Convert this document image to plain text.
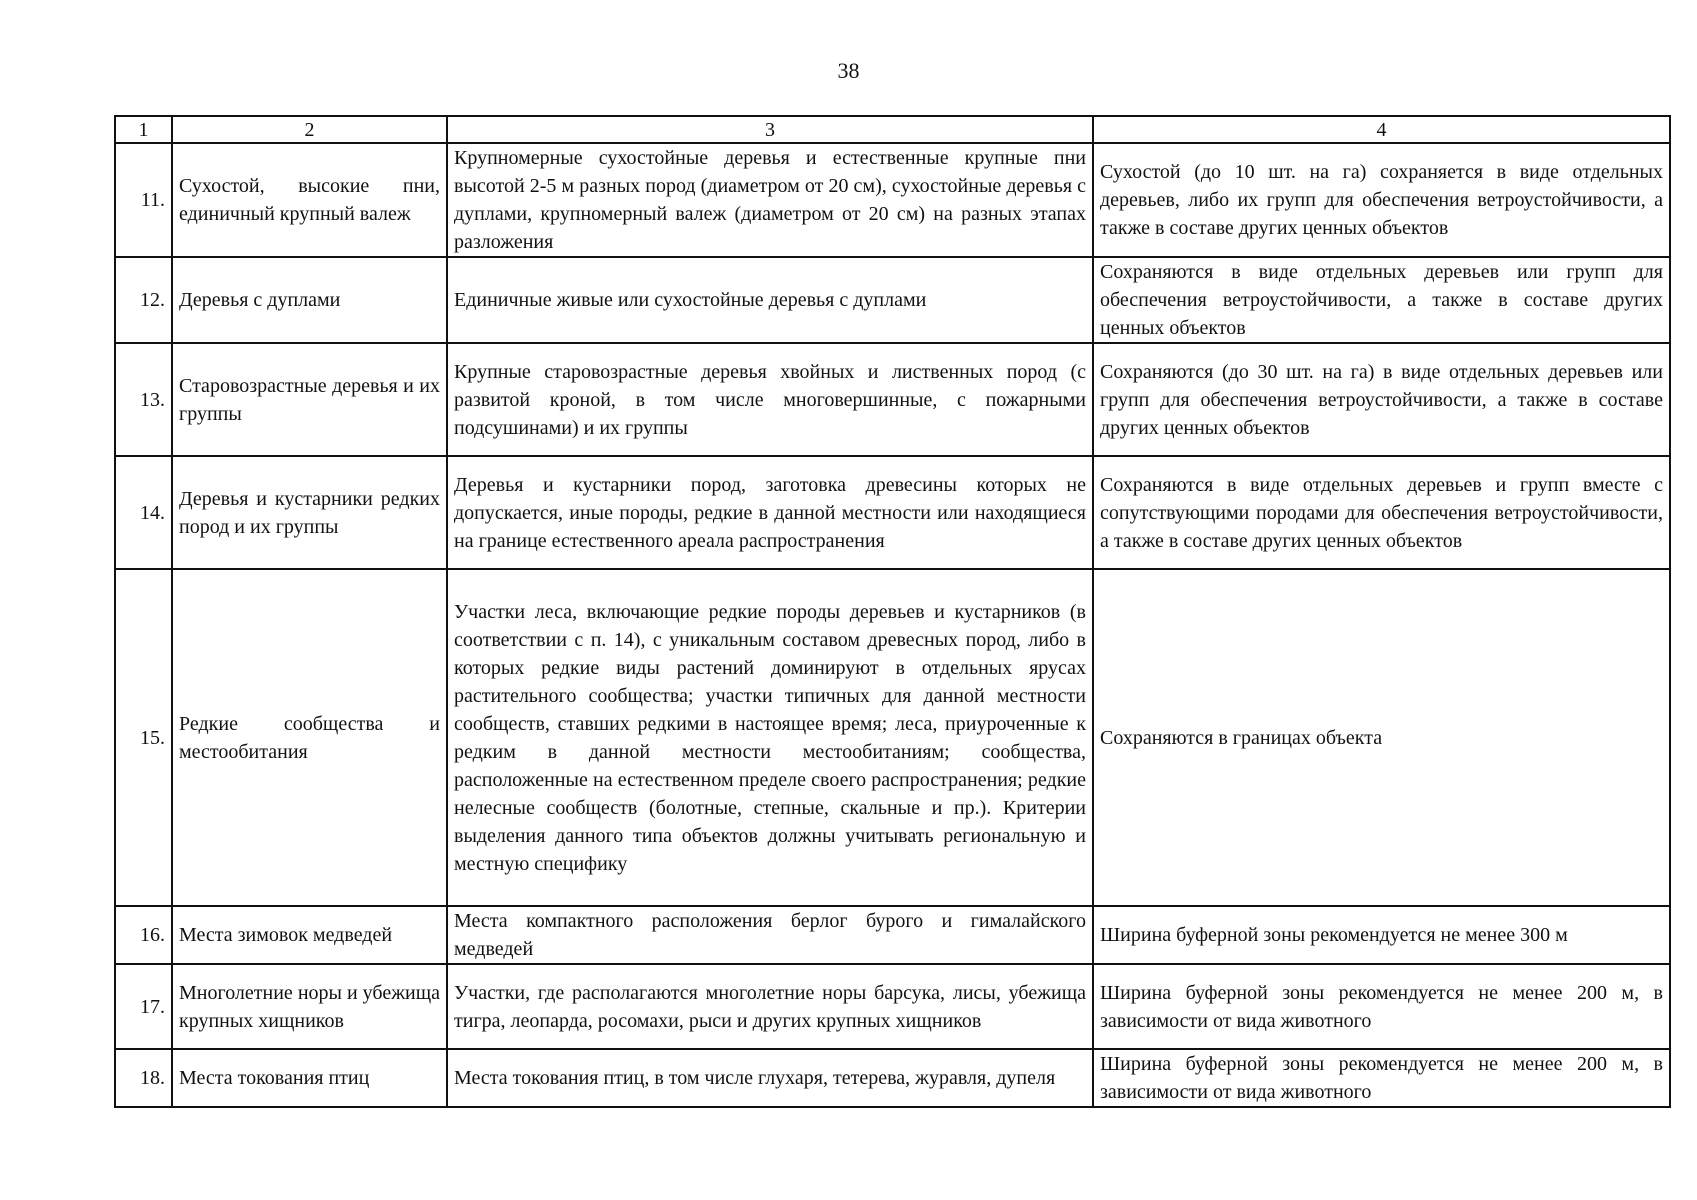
38
1	2	3	4
11.	Сухостой, высокие пни, единичный крупный валеж	Крупномерные сухостойные деревья и естественные крупные пни высотой 2-5 м разных пород (диаметром от 20 см), сухостойные деревья с дуплами, крупномерный валеж (диаметром от 20 см) на разных этапах разложения	Сухостой (до 10 шт. на га) сохраняется в виде отдельных деревьев, либо их групп для обеспечения ветроустойчивости, а также в составе других ценных объектов
12.	Деревья с дуплами	Единичные живые или сухостойные деревья с дуплами	Сохраняются в виде отдельных деревьев или групп для обеспечения ветроустойчивости, а также в составе других ценных объектов
13.	Старовозрастные деревья и их группы	Крупные старовозрастные деревья хвойных и лиственных пород (с развитой кроной, в том числе многовершинные, с пожарными подсушинами) и их группы	Сохраняются (до 30 шт. на га) в виде отдельных деревьев или групп для обеспечения ветроустойчивости, а также в составе других ценных объектов
14.	Деревья и кустарники редких пород и их группы	Деревья и кустарники пород, заготовка древесины которых не допускается, иные породы, редкие в данной местности или находящиеся на границе естественного ареала распространения	Сохраняются в виде отдельных деревьев и групп вместе с сопутствующими породами для обеспечения ветроустойчивости, а также в составе других ценных объектов
15.	Редкие сообщества и местообитания	Участки леса, включающие редкие породы деревьев и кустарников (в соответствии с п. 14), с уникальным составом древесных пород, либо в которых редкие виды растений доминируют в отдельных ярусах растительного сообщества; участки типичных для данной местности сообществ, ставших редкими в настоящее время; леса, приуроченные к редким в данной местности местообитаниям; сообщества, расположенные на естественном пределе своего распространения; редкие нелесные сообществ (болотные, степные, скальные и пр.). Критерии выделения данного типа объектов должны учитывать региональную и местную специфику	Сохраняются в границах объекта
16.	Места зимовок медведей	Места компактного расположения берлог бурого и гималайского медведей	Ширина буферной зоны рекомендуется не менее 300 м
17.	Многолетние норы и убежища крупных хищников	Участки, где располагаются многолетние норы барсука, лисы, убежища тигра, леопарда, росомахи, рыси и других крупных хищников	Ширина буферной зоны рекомендуется не менее 200 м, в зависимости от вида животного
18.	Места токования птиц	Места токования птиц, в том числе глухаря, тетерева, журавля, дупеля	Ширина буферной зоны рекомендуется не менее 200 м, в зависимости от вида животного
